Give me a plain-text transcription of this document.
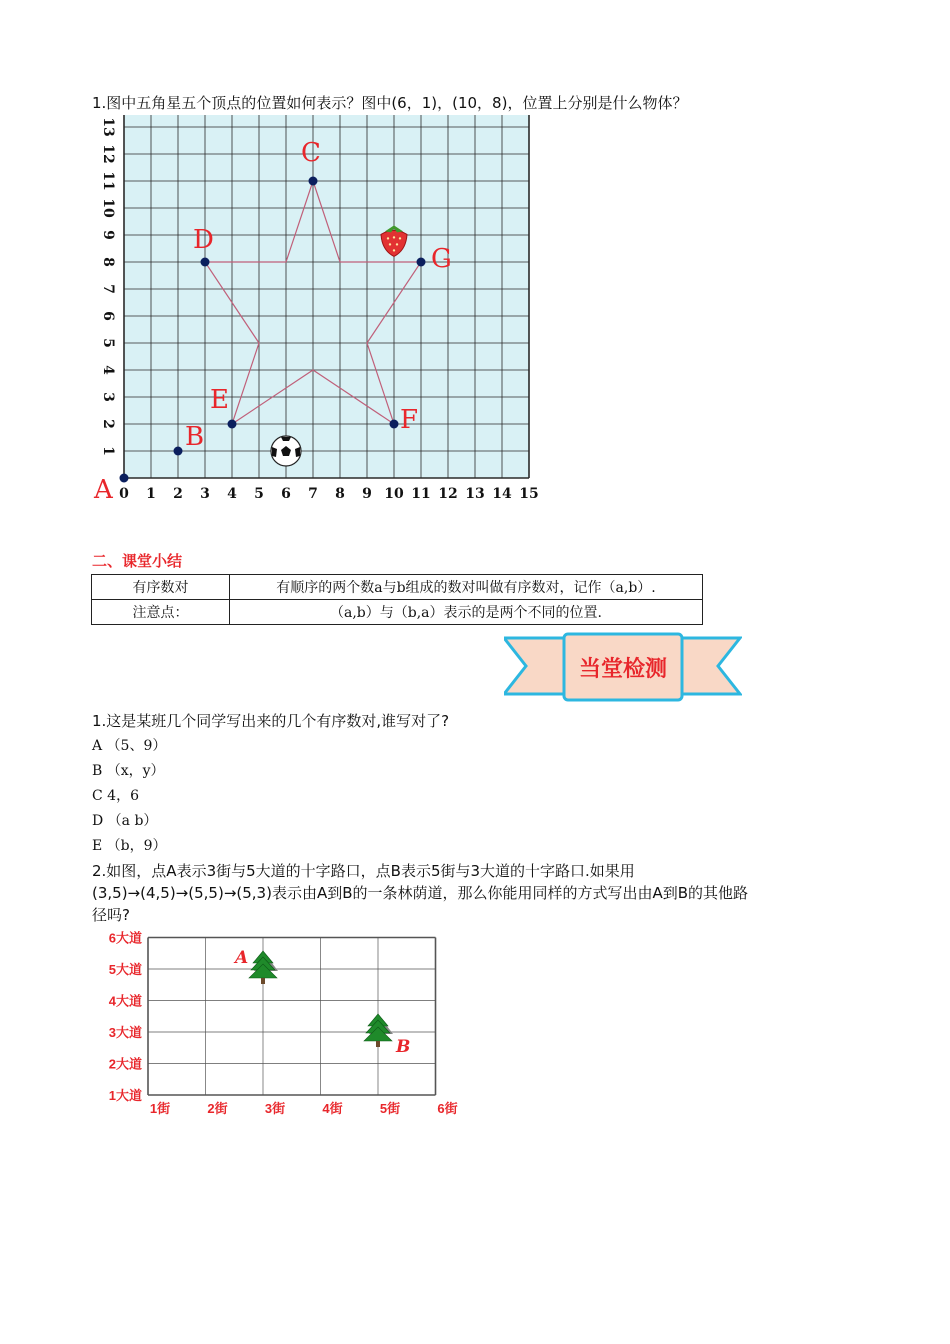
1.图中五角星五个顶点的位置如何表示？图中(6，1)，(10，8)，位置上分别是什么物体？
0 1 2 3 4 5 6 7 8 9 10 11 12 13 14 15
1
2
3
4
5
6
7
8
9
10
11
12
13
A
B
C
D
E
F
G
二、课堂小结
有序数对	有顺序的两个数a与b组成的数对叫做有序数对，记作（a,b）.
注意点：	（a,b）与（b,a）表示的是两个不同的位置.
当堂检测
1.这是某班几个同学写出来的几个有序数对,谁写对了?
A （5、9）
B （x，y）
C 4，6
D （a b）
E （b，9）
2.如图，点A表示3街与5大道的十字路口，点B表示5街与3大道的十字路口.如果用
(3,5)→(4,5)→(5,5)→(5,3)表示由A到B的一条林荫道，那么你能用同样的方式写出由A到B的其他路
径吗?
6大道
5大道
4大道
3大道
2大道
1大道
1街	2街	3街	4街	5街	6街
A
B
